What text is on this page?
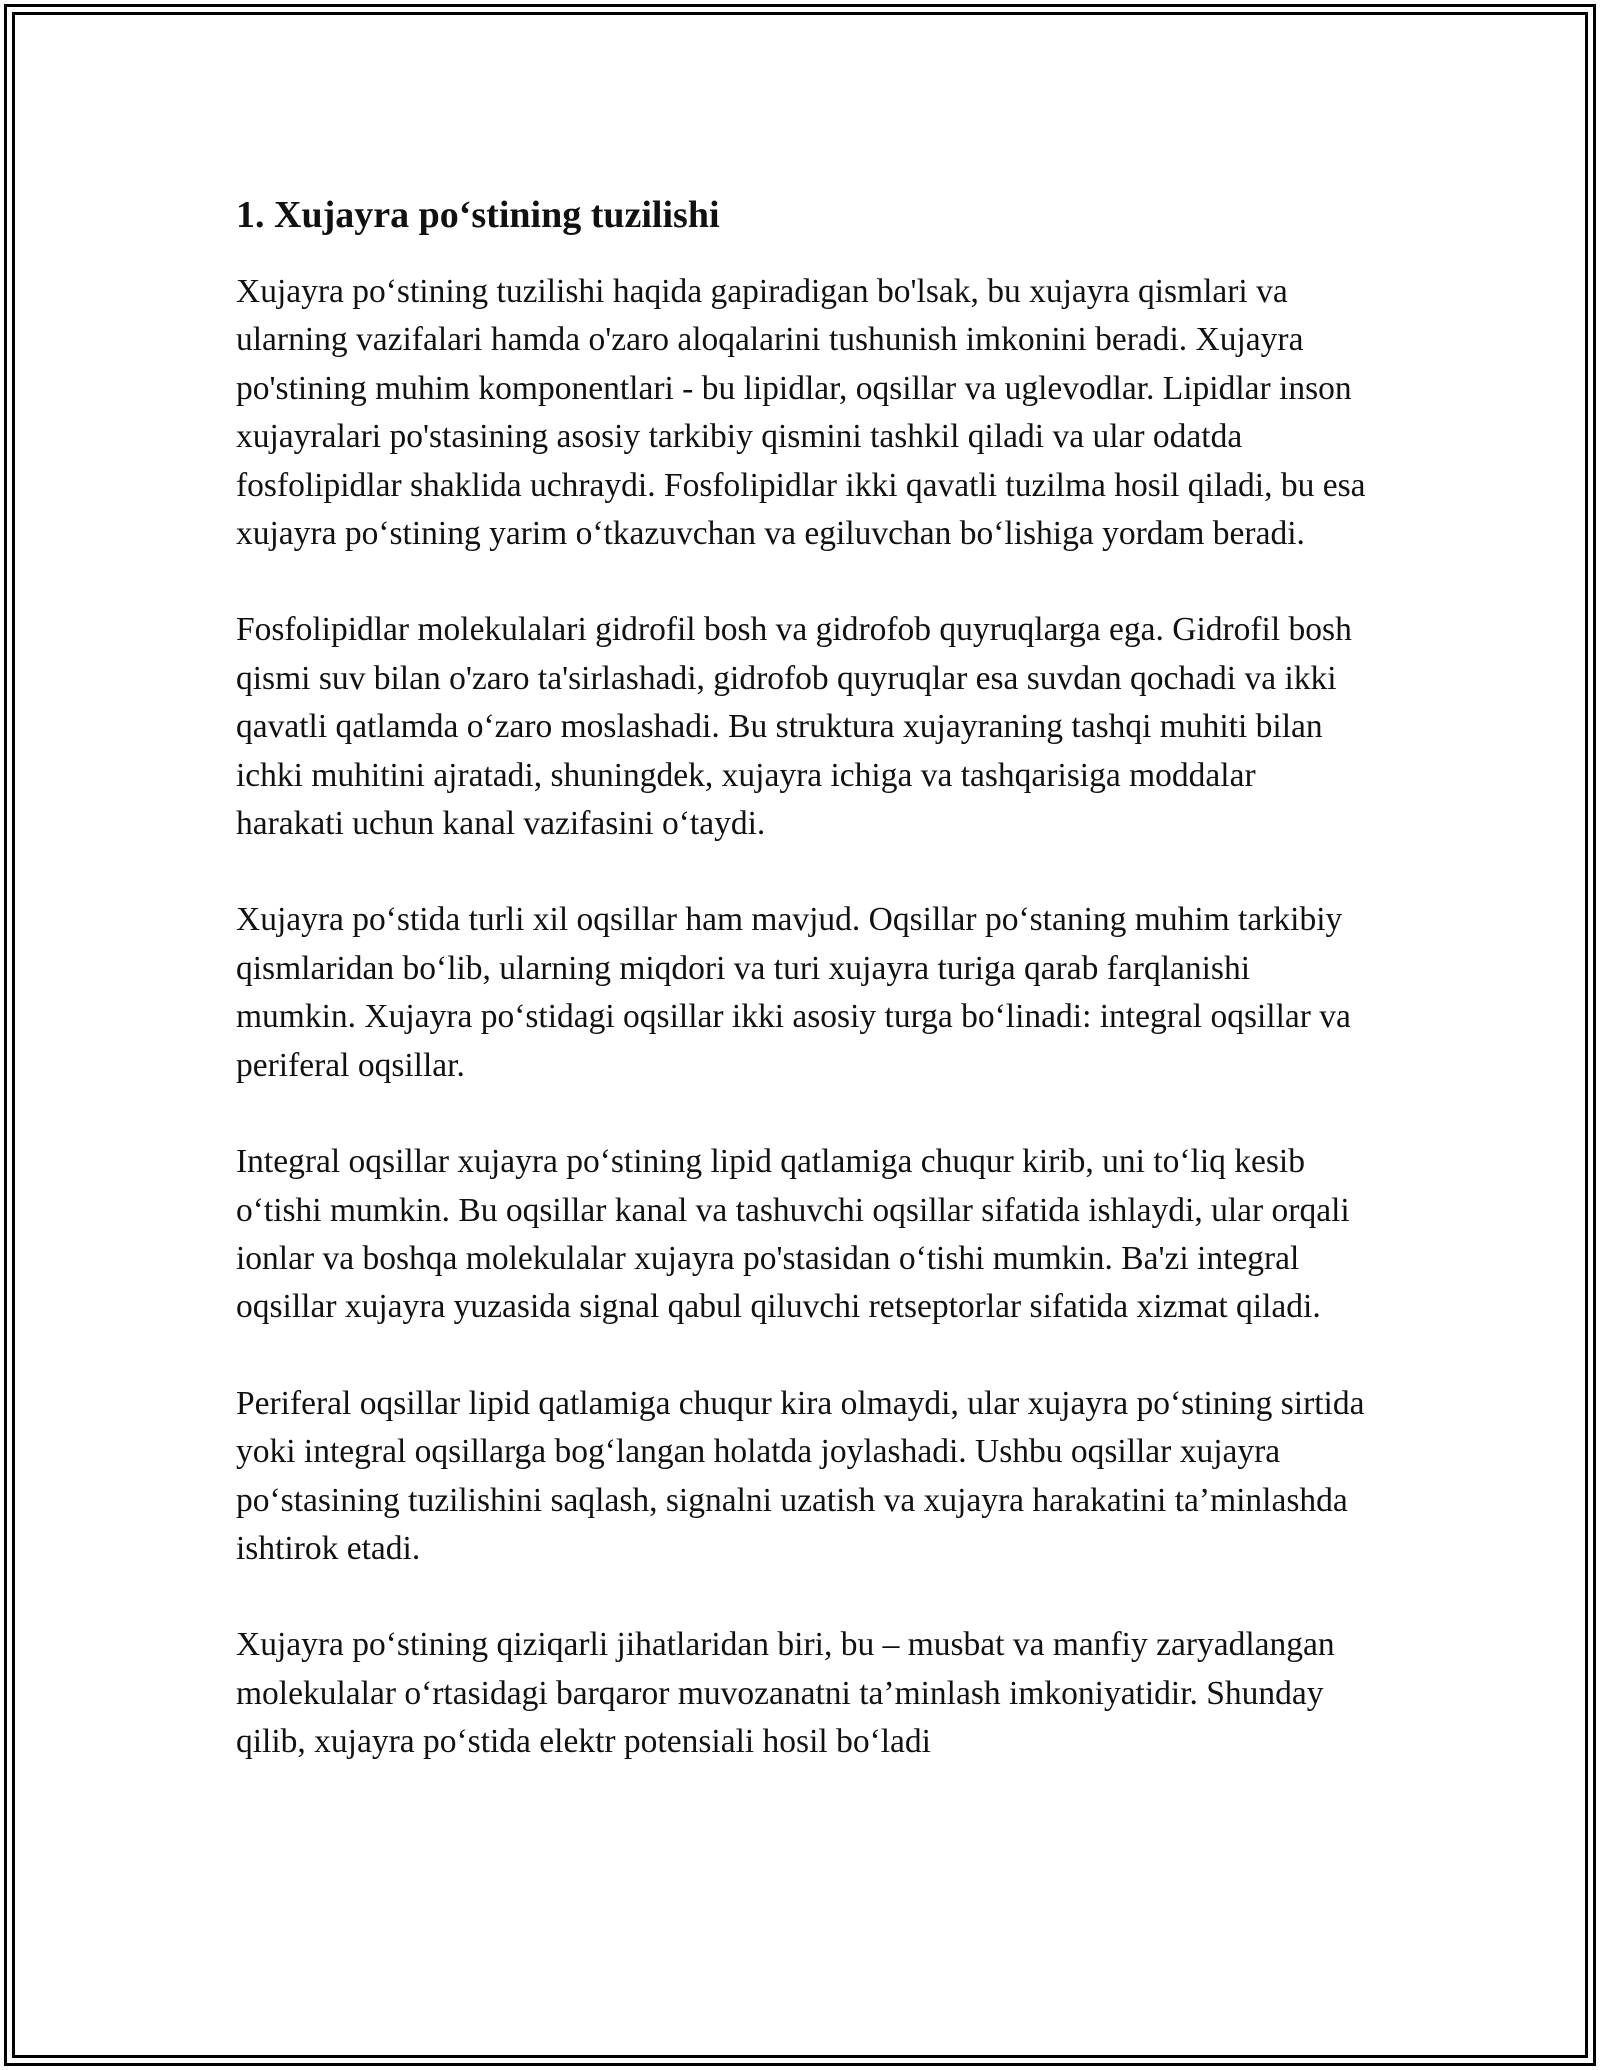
1. Xujayra po‘stining tuzilishi

Xujayra po‘stining tuzilishi haqida gapiradigan bo'lsak, bu xujayra qismlari va ularning vazifalari hamda o'zaro aloqalarini tushunish imkonini beradi. Xujayra po'stining muhim komponentlari - bu lipidlar, oqsillar va uglevodlar. Lipidlar inson xujayralari po'stasining asosiy tarkibiy qismini tashkil qiladi va ular odatda fosfolipidlar shaklida uchraydi. Fosfolipidlar ikki qavatli tuzilma hosil qiladi, bu esa xujayra po‘stining yarim o‘tkazuvchan va egiluvchan bo‘lishiga yordam beradi.

Fosfolipidlar molekulalari gidrofil bosh va gidrofob quyruqlarga ega. Gidrofil bosh qismi suv bilan o'zaro ta'sirlashadi, gidrofob quyruqlar esa suvdan qochadi va ikki qavatli qatlamda o‘zaro moslashadi. Bu struktura xujayraning tashqi muhiti bilan ichki muhitini ajratadi, shuningdek, xujayra ichiga va tashqarisiga moddalar harakati uchun kanal vazifasini o‘taydi.

Xujayra po‘stida turli xil oqsillar ham mavjud. Oqsillar po‘staning muhim tarkibiy qismlaridan bo‘lib, ularning miqdori va turi xujayra turiga qarab farqlanishi mumkin. Xujayra po‘stidagi oqsillar ikki asosiy turga bo‘linadi: integral oqsillar va periferal oqsillar.

Integral oqsillar xujayra po‘stining lipid qatlamiga chuqur kirib, uni to‘liq kesib o‘tishi mumkin. Bu oqsillar kanal va tashuvchi oqsillar sifatida ishlaydi, ular orqali ionlar va boshqa molekulalar xujayra po'stasidan o‘tishi mumkin. Ba'zi integral oqsillar xujayra yuzasida signal qabul qiluvchi retseptorlar sifatida xizmat qiladi.

Periferal oqsillar lipid qatlamiga chuqur kira olmaydi, ular xujayra po‘stining sirtida yoki integral oqsillarga bog‘langan holatda joylashadi. Ushbu oqsillar xujayra po‘stasining tuzilishini saqlash, signalni uzatish va xujayra harakatini ta’minlashda ishtirok etadi.

Xujayra po‘stining qiziqarli jihatlaridan biri, bu – musbat va manfiy zaryadlangan molekulalar o‘rtasidagi barqaror muvozanatni ta’minlash imkoniyatidir. Shunday qilib, xujayra po‘stida elektr potensiali hosil bo‘ladi
